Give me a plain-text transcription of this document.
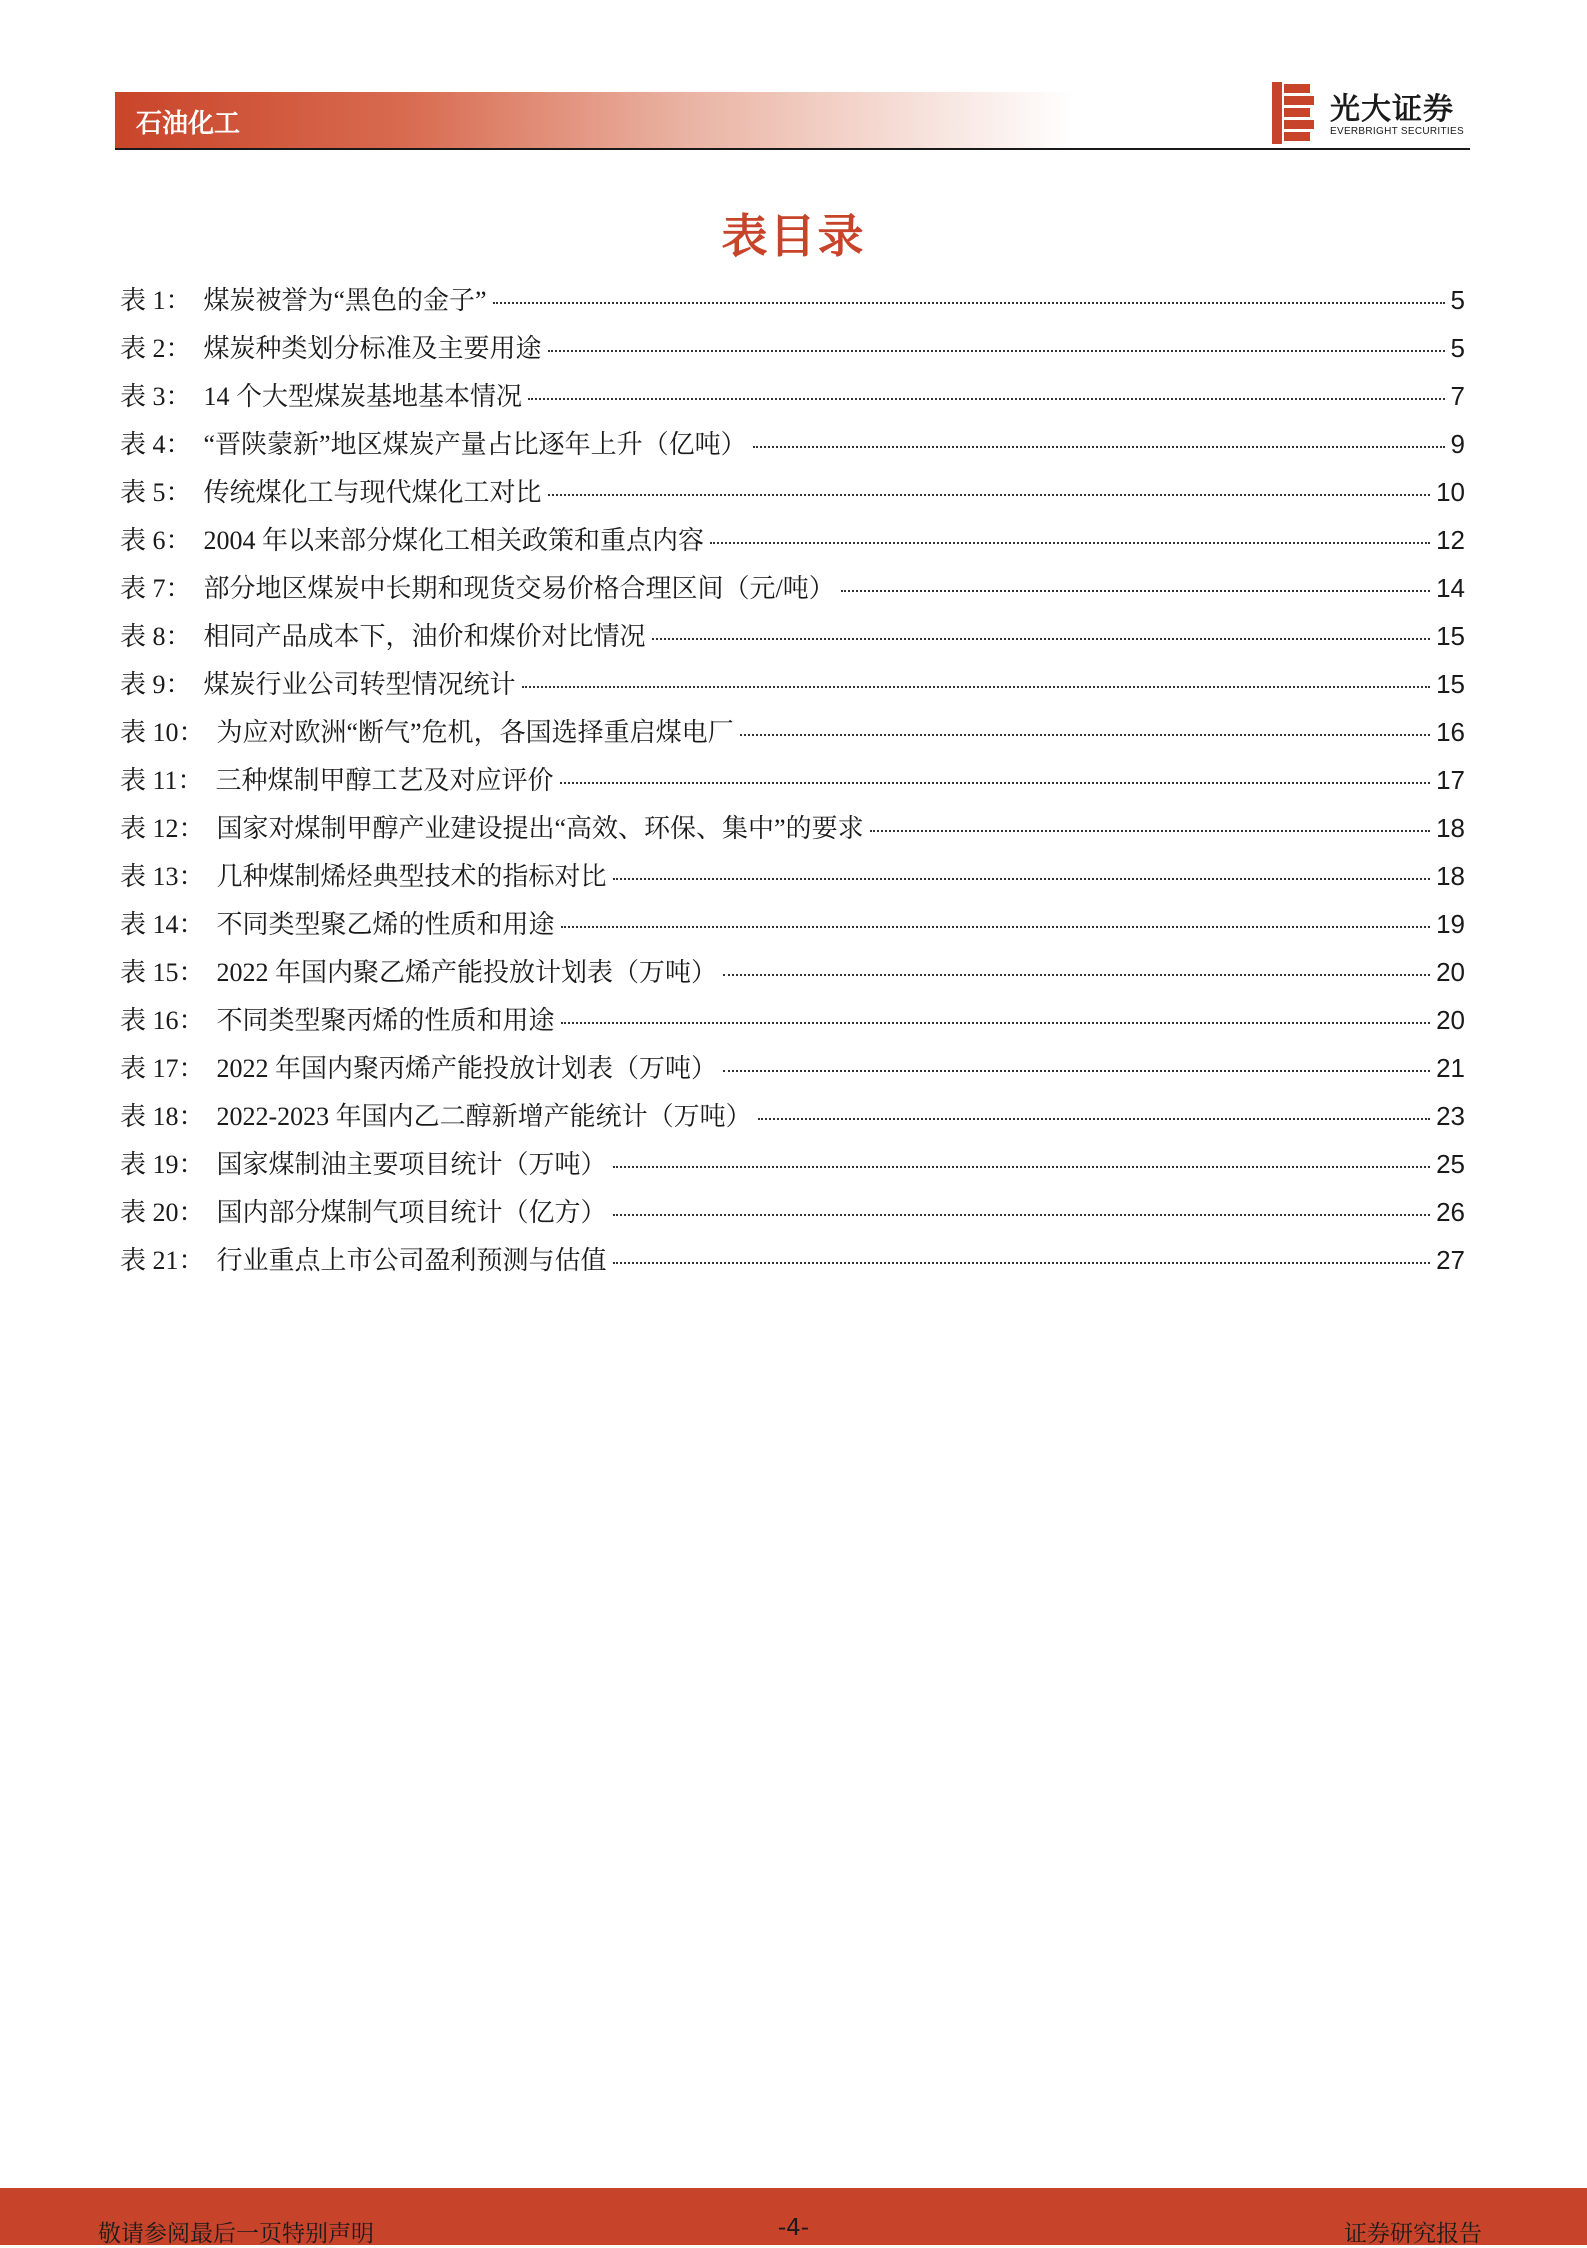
石油化工	光大证券
EVERBRIGHT SECURITIES
表目录
表 1： 煤炭被誉为“黑色的金子”	5
表 2： 煤炭种类划分标准及主要用途	5
表 3： 14 个大型煤炭基地基本情况	7
表 4： “晋陕蒙新”地区煤炭产量占比逐年上升（亿吨）	9
表 5： 传统煤化工与现代煤化工对比	10
表 6： 2004 年以来部分煤化工相关政策和重点内容	12
表 7： 部分地区煤炭中长期和现货交易价格合理区间（元/吨）	14
表 8： 相同产品成本下，油价和煤价对比情况	15
表 9： 煤炭行业公司转型情况统计	15
表 10： 为应对欧洲“断气”危机，各国选择重启煤电厂	16
表 11： 三种煤制甲醇工艺及对应评价	17
表 12： 国家对煤制甲醇产业建设提出“高效、环保、集中”的要求	18
表 13： 几种煤制烯烃典型技术的指标对比	18
表 14： 不同类型聚乙烯的性质和用途	19
表 15： 2022 年国内聚乙烯产能投放计划表（万吨）	20
表 16： 不同类型聚丙烯的性质和用途	20
表 17： 2022 年国内聚丙烯产能投放计划表（万吨）	21
表 18： 2022-2023 年国内乙二醇新增产能统计（万吨）	23
表 19： 国家煤制油主要项目统计（万吨）	25
表 20： 国内部分煤制气项目统计（亿方）	26
表 21： 行业重点上市公司盈利预测与估值	27
敬请参阅最后一页特别声明	-4-	证券研究报告
